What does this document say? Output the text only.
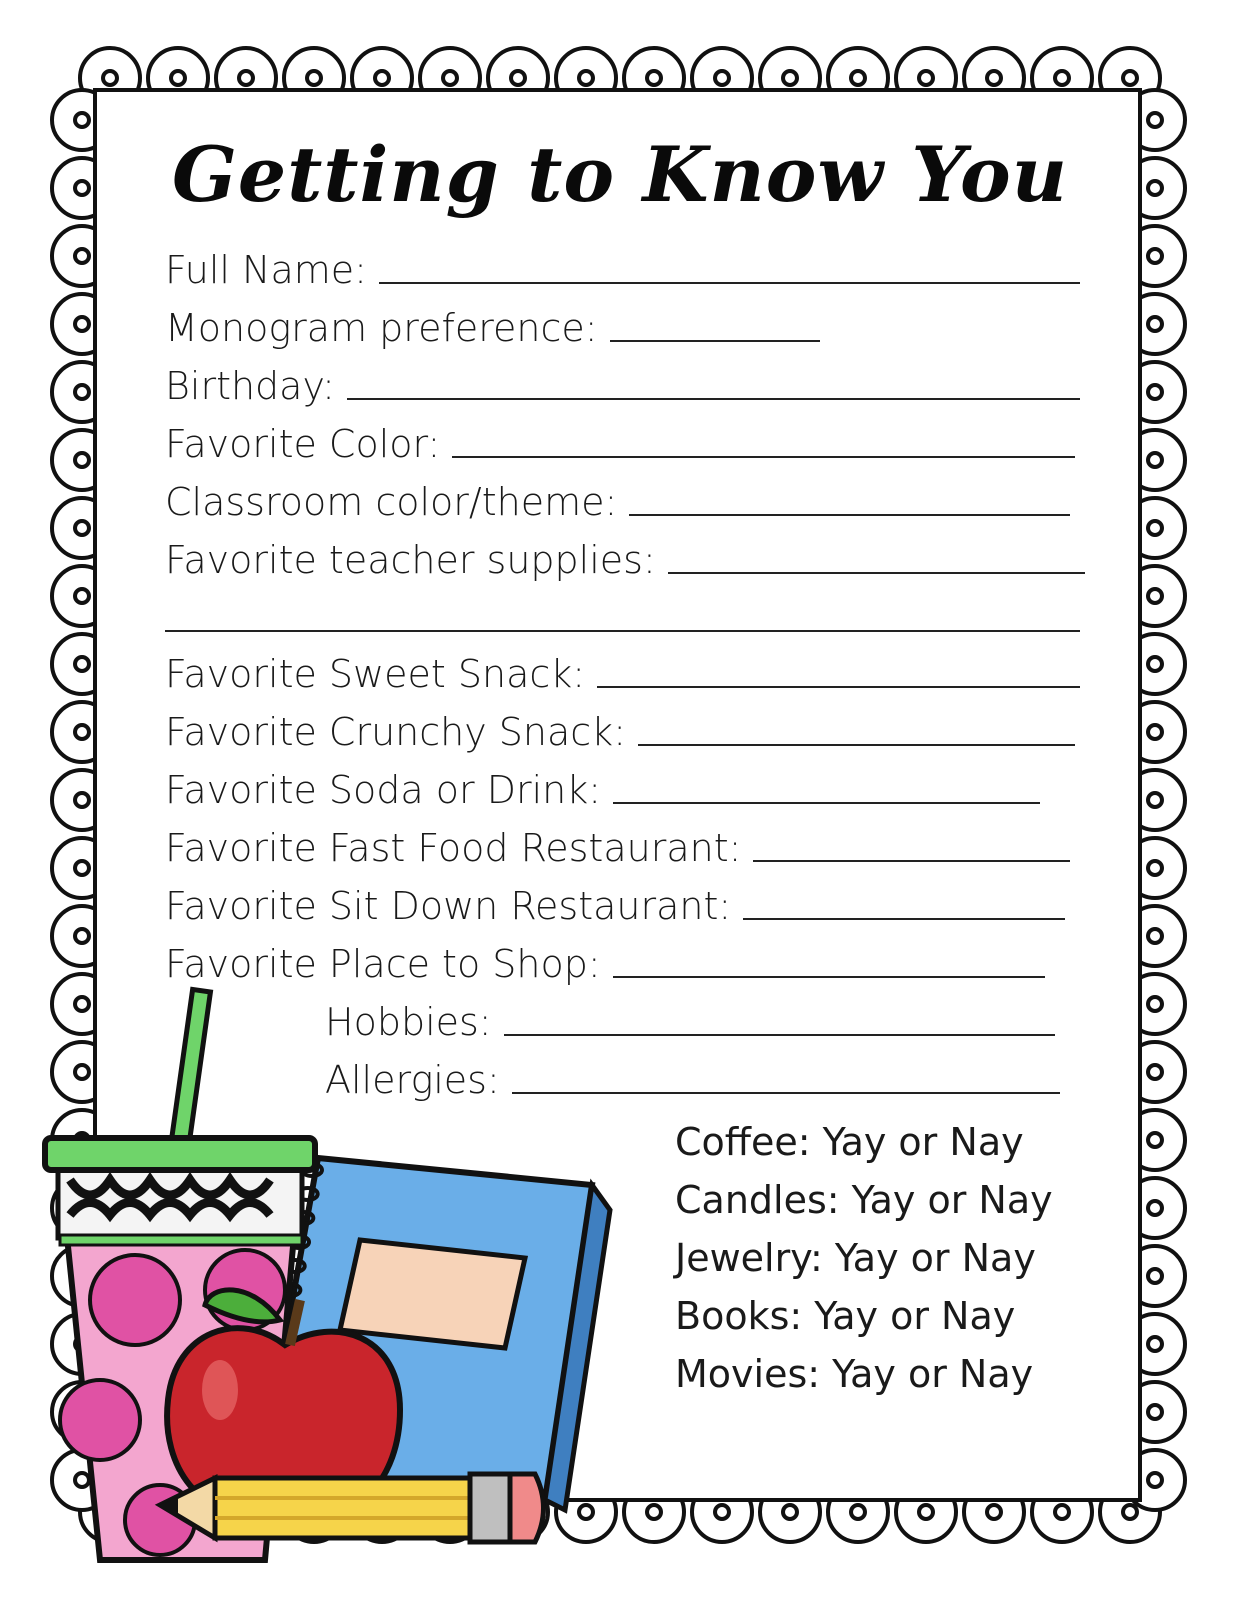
Getting to Know You
Full Name:
Monogram preference:
Birthday:
Favorite Color:
Classroom color/theme:
Favorite teacher supplies:
Favorite Sweet Snack:
Favorite Crunchy Snack:
Favorite Soda or Drink:
Favorite Fast Food Restaurant:
Favorite Sit Down Restaurant:
Favorite Place to Shop:
Hobbies:
Allergies:
Coffee: Yay or Nay
Candles: Yay or Nay
Jewelry: Yay or Nay
Books: Yay or Nay
Movies: Yay or Nay
